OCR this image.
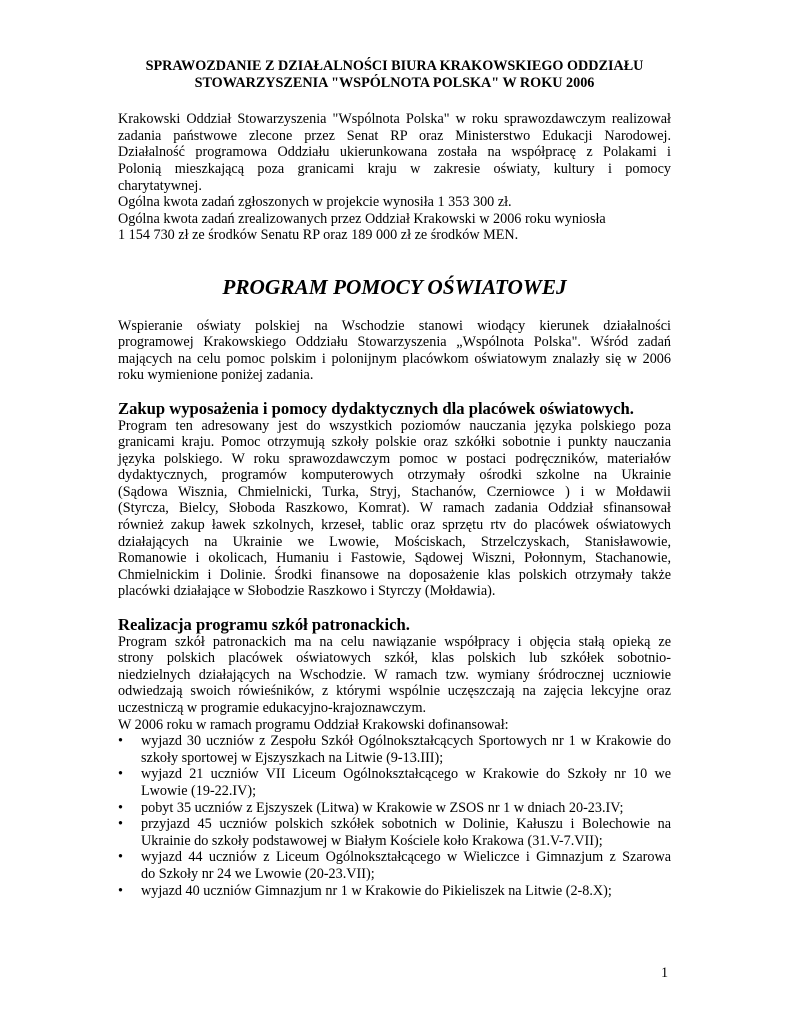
SPRAWOZDANIE Z DZIAŁALNOŚCI BIURA KRAKOWSKIEGO ODDZIAŁU
STOWARZYSZENIA "WSPÓLNOTA POLSKA" W ROKU 2006
Krakowski Oddział Stowarzyszenia "Wspólnota Polska" w roku sprawozdawczym realizował
zadania państwowe zlecone przez Senat RP oraz Ministerstwo Edukacji Narodowej.
Działalność programowa Oddziału ukierunkowana została na współpracę z Polakami i
Polonią mieszkającą poza granicami kraju w zakresie oświaty, kultury i pomocy
charytatywnej.
Ogólna kwota zadań zgłoszonych w projekcie wynosiła 1 353 300 zł.
Ogólna kwota zadań zrealizowanych przez Oddział Krakowski w 2006 roku wyniosła
1 154 730 zł ze środków Senatu RP oraz 189 000 zł ze środków MEN.
PROGRAM POMOCY OŚWIATOWEJ
Wspieranie oświaty polskiej na Wschodzie stanowi wiodący kierunek działalności
programowej Krakowskiego Oddziału Stowarzyszenia „Wspólnota Polska". Wśród zadań
mających na celu pomoc polskim i polonijnym placówkom oświatowym znalazły się w 2006
roku wymienione poniżej zadania.
Zakup wyposażenia i pomocy dydaktycznych dla placówek oświatowych.
Program ten adresowany jest do wszystkich poziomów nauczania języka polskiego poza
granicami kraju. Pomoc otrzymują szkoły polskie oraz szkółki sobotnie i punkty nauczania
języka polskiego. W roku sprawozdawczym pomoc w postaci podręczników, materiałów
dydaktycznych, programów komputerowych otrzymały ośrodki szkolne na Ukrainie
(Sądowa Wisznia, Chmielnicki, Turka, Stryj, Stachanów, Czerniowce ) i w Mołdawii
(Styrcza, Bielcy, Słoboda Raszkowo, Komrat). W ramach zadania Oddział sfinansował
również zakup ławek szkolnych, krzeseł, tablic oraz sprzętu rtv do placówek oświatowych
działających na Ukrainie we Lwowie, Mościskach, Strzelczyskach, Stanisławowie,
Romanowie i okolicach, Humaniu i Fastowie, Sądowej Wiszni, Połonnym, Stachanowie,
Chmielnickim i Dolinie. Środki finansowe na doposażenie klas polskich otrzymały także
placówki działające w Słobodzie Raszkowo i Styrczy (Mołdawia).
Realizacja programu szkół patronackich.
Program szkół patronackich ma na celu nawiązanie współpracy i objęcia stałą opieką ze
strony polskich placówek oświatowych szkół, klas polskich lub szkółek sobotnio-
niedzielnych działających na Wschodzie. W ramach tzw. wymiany śródrocznej uczniowie
odwiedzają swoich rówieśników, z którymi wspólnie uczęszczają na zajęcia lekcyjne oraz
uczestniczą w programie edukacyjno-krajoznawczym.
W 2006 roku w ramach programu Oddział Krakowski dofinansował:
• wyjazd 30 uczniów z Zespołu Szkół Ogólnokształcących Sportowych nr 1 w Krakowie do
szkoły sportowej w Ejszyszkach na Litwie (9-13.III);
• wyjazd 21 uczniów VII Liceum Ogólnokształcącego w Krakowie do Szkoły nr 10 we
Lwowie (19-22.IV);
• pobyt 35 uczniów z Ejszyszek (Litwa) w Krakowie w ZSOS nr 1 w dniach 20-23.IV;
• przyjazd 45 uczniów polskich szkółek sobotnich w Dolinie, Kałuszu i Bolechowie na
Ukrainie do szkoły podstawowej w Białym Kościele koło Krakowa (31.V-7.VII);
• wyjazd 44 uczniów z Liceum Ogólnokształcącego w Wieliczce i Gimnazjum z Szarowa
do Szkoły nr 24 we Lwowie (20-23.VII);
• wyjazd 40 uczniów Gimnazjum nr 1 w Krakowie do Pikieliszek na Litwie (2-8.X);
1
